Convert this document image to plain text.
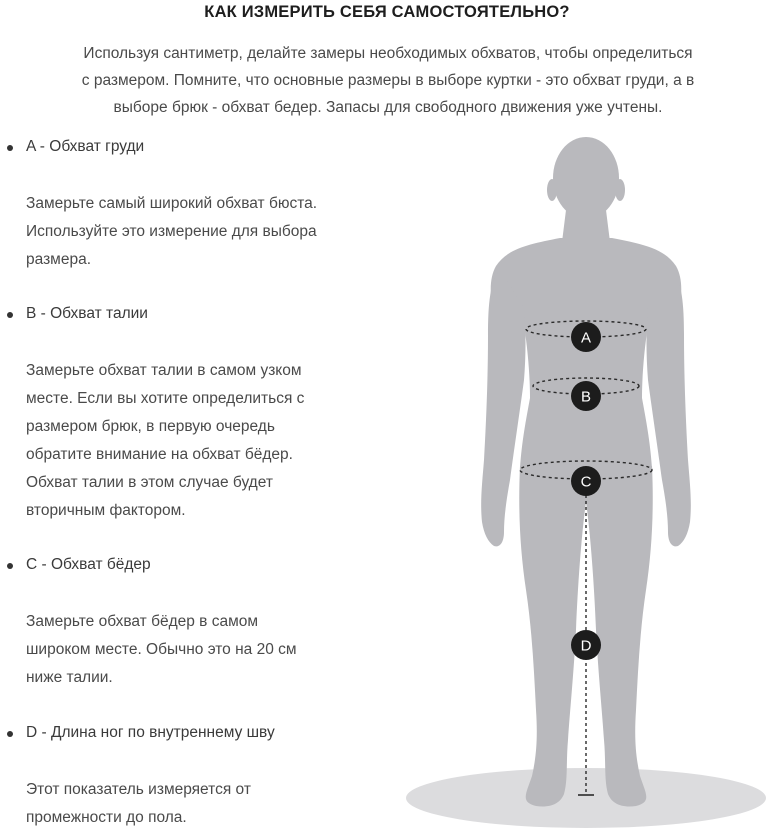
КАК ИЗМЕРИТЬ СЕБЯ САМОСТОЯТЕЛЬНО?
Используя сантиметр, делайте замеры необходимых обхватов, чтобы определиться
с размером. Помните, что основные размеры в выборе куртки - это обхват груди, а в
выборе брюк - обхват бедер. Запасы для свободного движения уже учтены.
A - Обхват груди
Замерьте самый широкий обхват бюста.
Используйте это измерение для выбора
размера.
B - Обхват талии
Замерьте обхват талии в самом узком
месте. Если вы хотите определиться с
размером брюк, в первую очередь
обратите внимание на обхват бёдер.
Обхват талии в этом случае будет
вторичным фактором.
C - Обхват бёдер
Замерьте обхват бёдер в самом
широком месте. Обычно это на 20 см
ниже талии.
D - Длина ног по внутреннему шву
Этот показатель измеряется от
промежности до пола.
A
B
C
D
